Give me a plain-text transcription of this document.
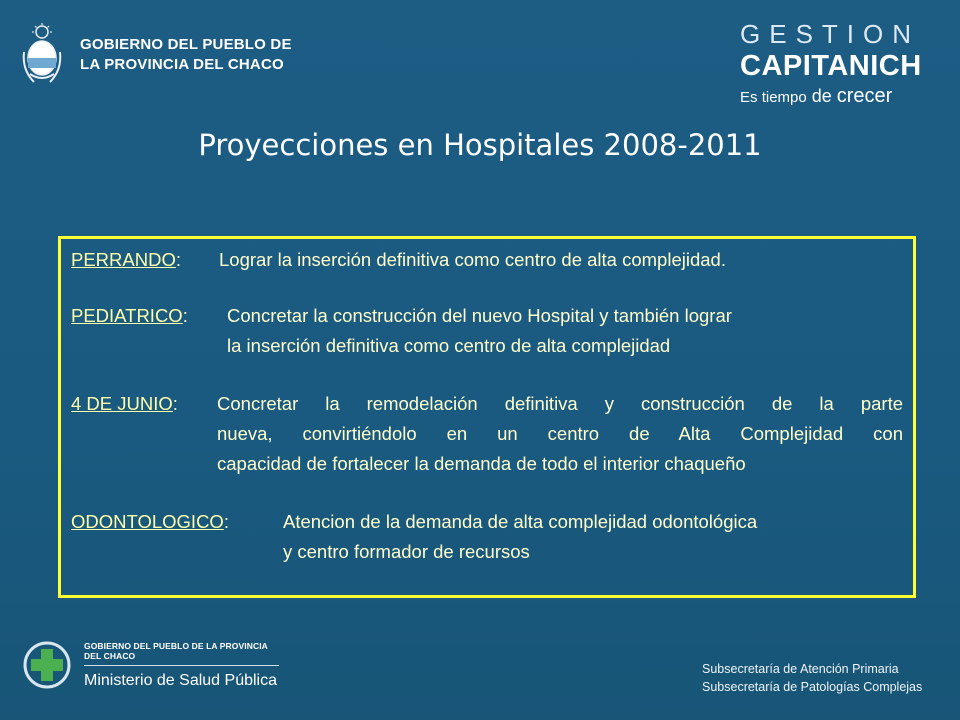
GOBIERNO DEL PUEBLO DE
LA PROVINCIA DEL CHACO
GESTION
CAPITANICH
Es tiempo de crecer
Proyecciones en Hospitales 2008-2011
PERRANDO:	Lograr la inserción definitiva como centro de alta complejidad.
PEDIATRICO:	Concretar la construcción del nuevo Hospital y también lograr
la inserción definitiva como centro de alta complejidad
4 DE JUNIO:	Concretar la remodelación definitiva y construcción de la parte
nueva, convirtiéndolo en un centro de Alta Complejidad con
capacidad de fortalecer la demanda de todo el interior chaqueño
ODONTOLOGICO:	Atencion de la demanda de alta complejidad odontológica
y centro formador de recursos
GOBIERNO DEL PUEBLO DE LA PROVINCIA DEL CHACO
Ministerio de Salud Pública
Subsecretaría de Atención Primaria
Subsecretaría de Patologías Complejas
